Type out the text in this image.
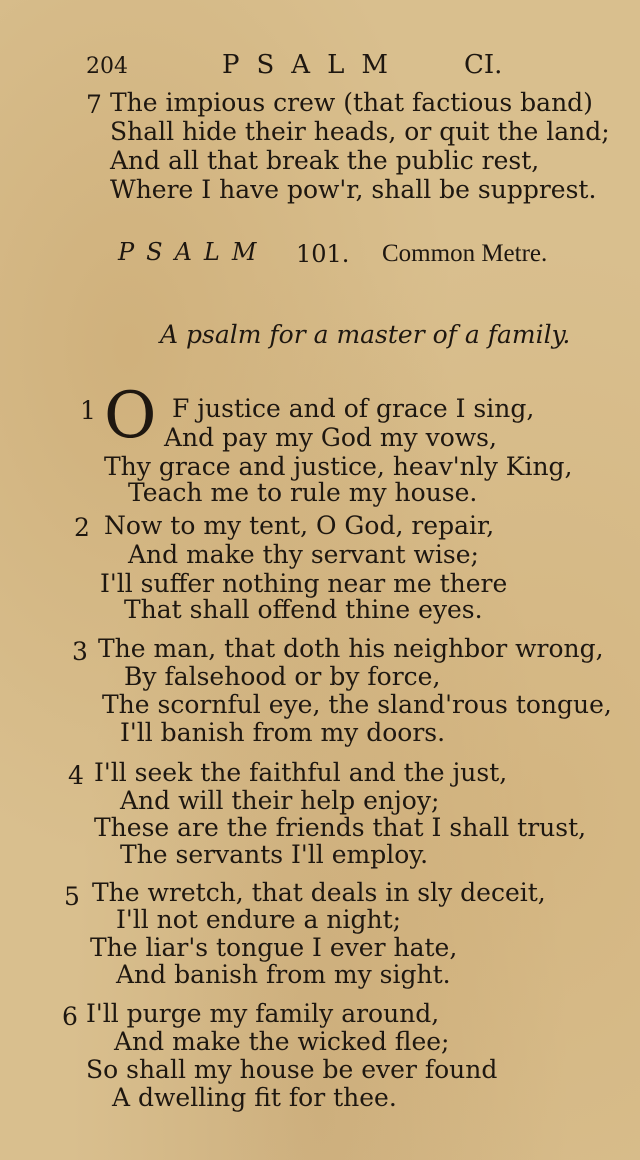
204	PSALM CI.
7 The impious crew (that factious band)
Shall hide their heads, or quit the land;
And all that break the public rest,
Where I have pow'r, shall be supprest.
PSALM 101. Common Metre.
A psalm for a master of a family.
1 O F justice and of grace I sing,
And pay my God my vows,
Thy grace and justice, heav'nly King,
Teach me to rule my house.
2 Now to my tent, O God, repair,
And make thy servant wise;
I'll suffer nothing near me there
That shall offend thine eyes.
3 The man, that doth his neighbor wrong,
By falsehood or by force,
The scornful eye, the sland'rous tongue,
I'll banish from my doors.
4 I'll seek the faithful and the just,
And will their help enjoy;
These are the friends that I shall trust,
The servants I'll employ.
5 The wretch, that deals in sly deceit,
I'll not endure a night;
The liar's tongue I ever hate,
And banish from my sight.
6 I'll purge my family around,
And make the wicked flee;
So shall my house be ever found
A dwelling fit for thee.
